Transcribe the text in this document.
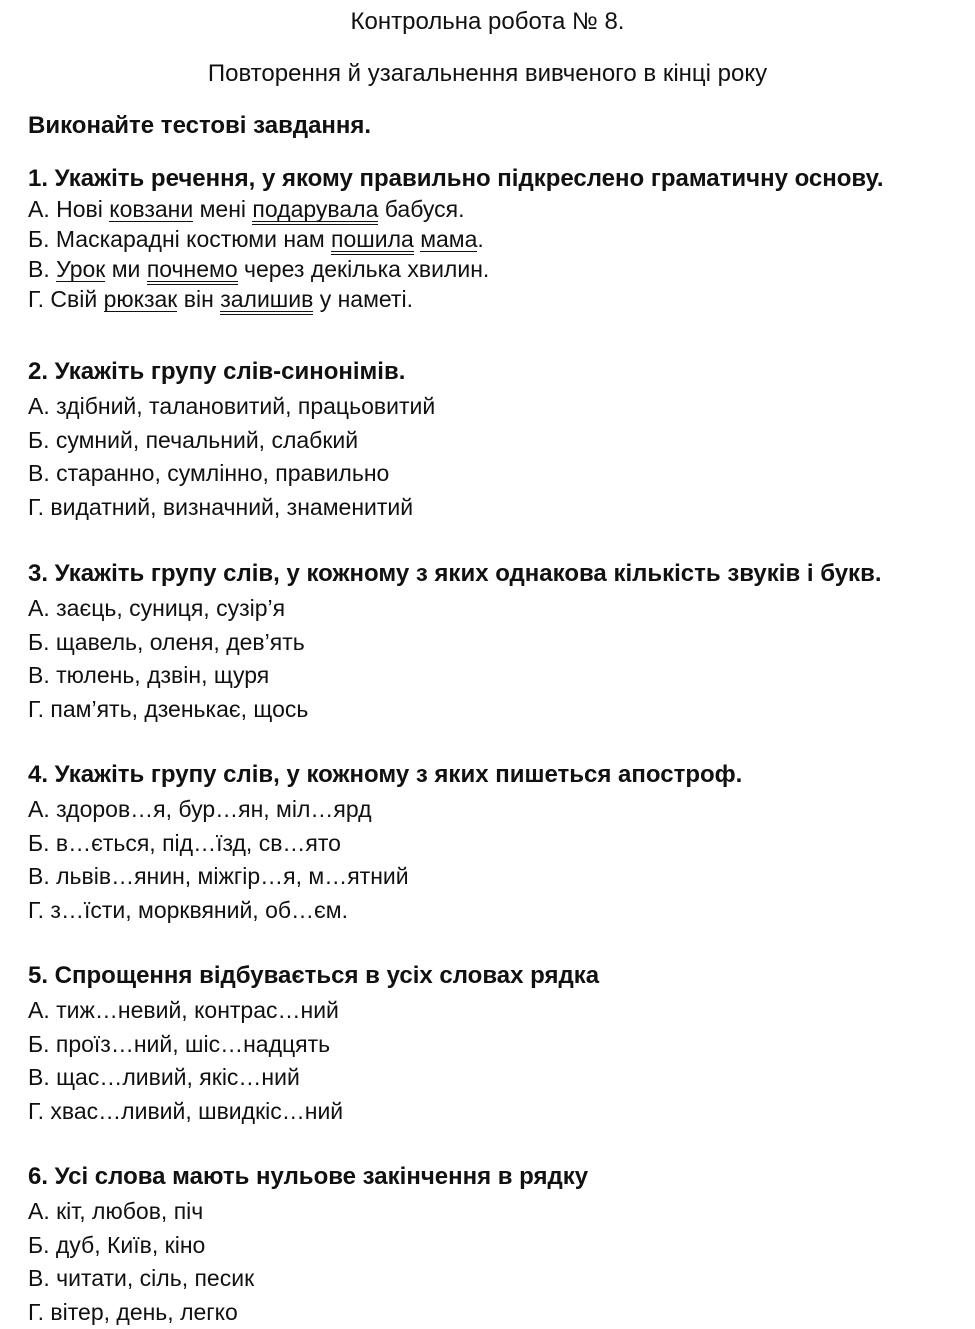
Контрольна робота № 8.
Повторення й узагальнення вивченого в кінці року
Виконайте тестові завдання.
1. Укажіть речення, у якому правильно підкреслено граматичну основу.
А. Нові ковзани мені подарувала бабуся.
Б. Маскарадні костюми нам пошила мама.
В. Урок ми почнемо через декілька хвилин.
Г. Свій рюкзак він залишив у наметі.
2. Укажіть групу слів-синонімів.
А. здібний, талановитий, працьовитий
Б. сумний, печальний, слабкий
В. старанно, сумлінно, правильно
Г. видатний, визначний, знаменитий
3. Укажіть групу слів, у кожному з яких однакова кількість звуків і букв.
А. заєць, суниця, сузір’я
Б. щавель, оленя, дев’ять
В. тюлень, дзвін, щуря
Г. пам’ять, дзенькає, щось
4. Укажіть групу слів, у кожному з яких пишеться апостроф.
А. здоров…я, бур…ян, міл…ярд
Б. в…ється, під…їзд, св…ято
В. львів…янин, міжгір…я, м…ятний
Г. з…їсти, морквяний, об…єм.
5. Спрощення відбувається в усіх словах рядка
А. тиж…невий, контрас…ний
Б. проїз…ний, шіс…надцять
В. щас…ливий, якіс…ний
Г. хвас…ливий, швидкіс…ний
6. Усі слова мають нульове закінчення в рядку
А. кіт, любов, піч
Б. дуб, Київ, кіно
В. читати, сіль, песик
Г. вітер, день, легко
